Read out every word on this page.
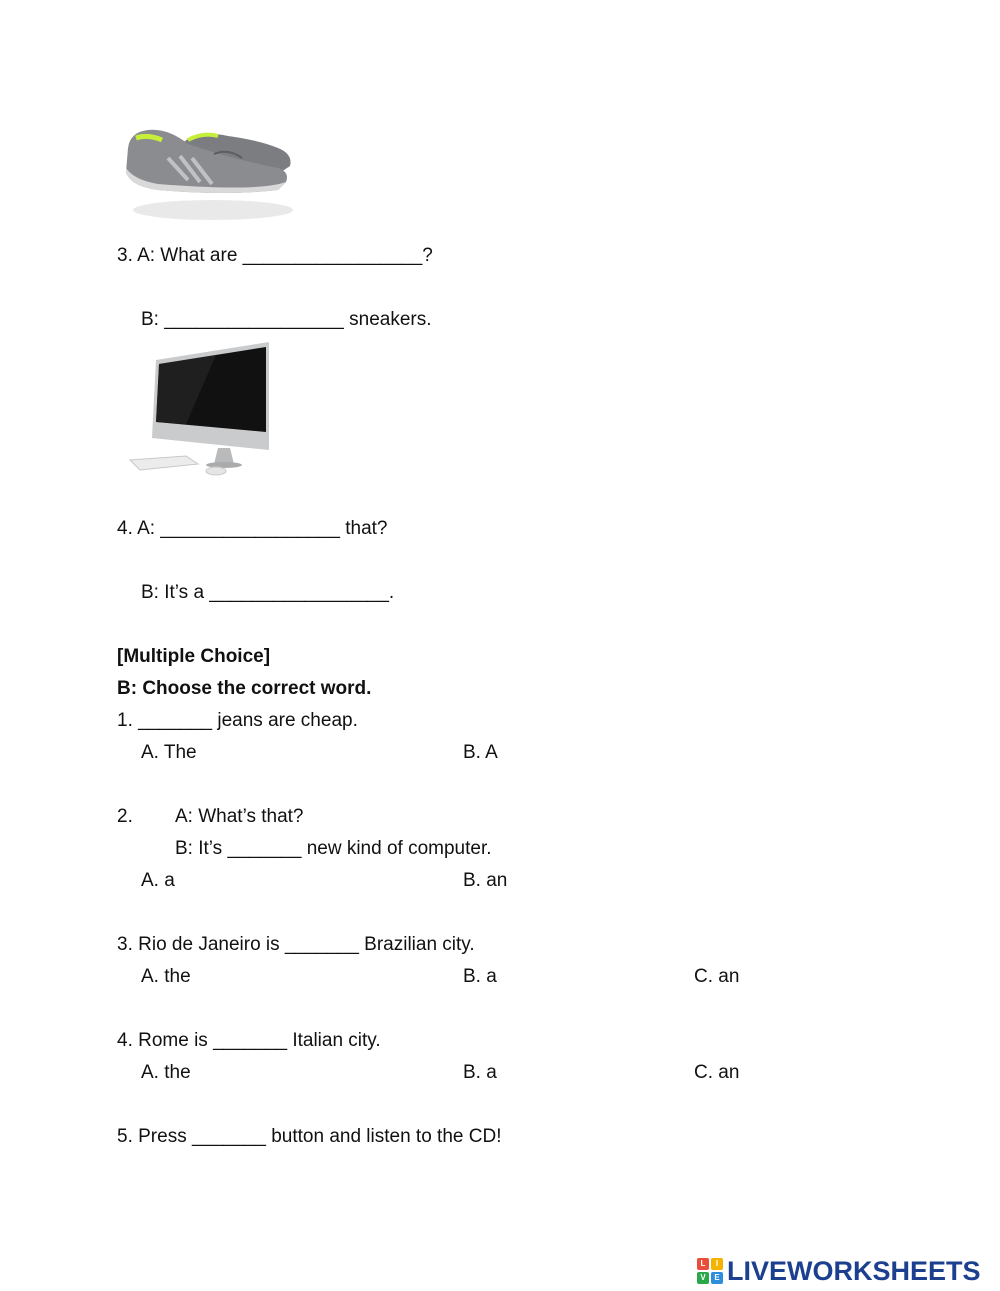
3. A: What are _________________?
B: _________________ sneakers.
4. A: _________________ that?
B: It’s a _________________.
[Multiple Choice]
B: Choose the correct word.
1. _______ jeans are cheap.
A. The	B. A
2. A: What’s that?
B: It’s _______ new kind of computer.
A. a	B. an
3. Rio de Janeiro is _______ Brazilian city.
A. the	B. a	C. an
4. Rome is _______ Italian city.
A. the	B. a	C. an
5. Press _______ button and listen to the CD!
L	I
V	E LIVEWORKSHEETS
